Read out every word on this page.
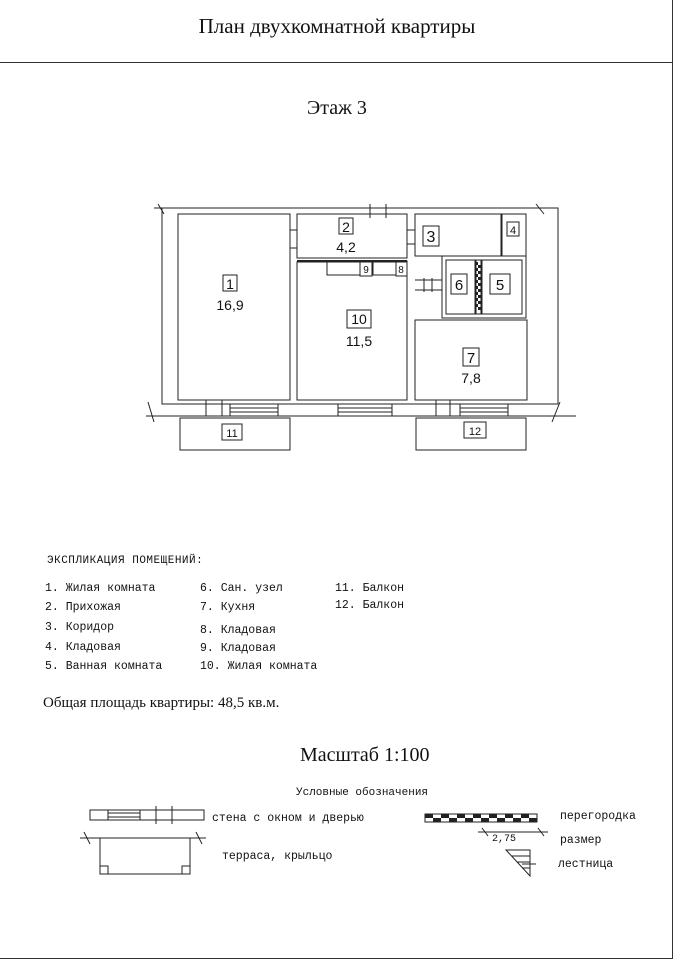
План двухкомнатной квартиры
Этаж 3
1
16,9
2
4,2
10
11,5
3	4
6 5
7
7,8
9	8
11	12
ЭКСПЛИКАЦИЯ ПОМЕЩЕНИЙ:
1. Жилая комната
2. Прихожая
3. Коридор
4. Кладовая
5. Ванная комната
6. Сан. узел
7. Кухня
8. Кладовая
9. Кладовая
10. Жилая комната
11. Балкон
12. Балкон
Общая площадь квартиры: 48,5 кв.м.
Масштаб 1:100
Условные обозначения
стена с окном и дверью
терраса, крыльцо
перегородка
2,75	размер
лестница
